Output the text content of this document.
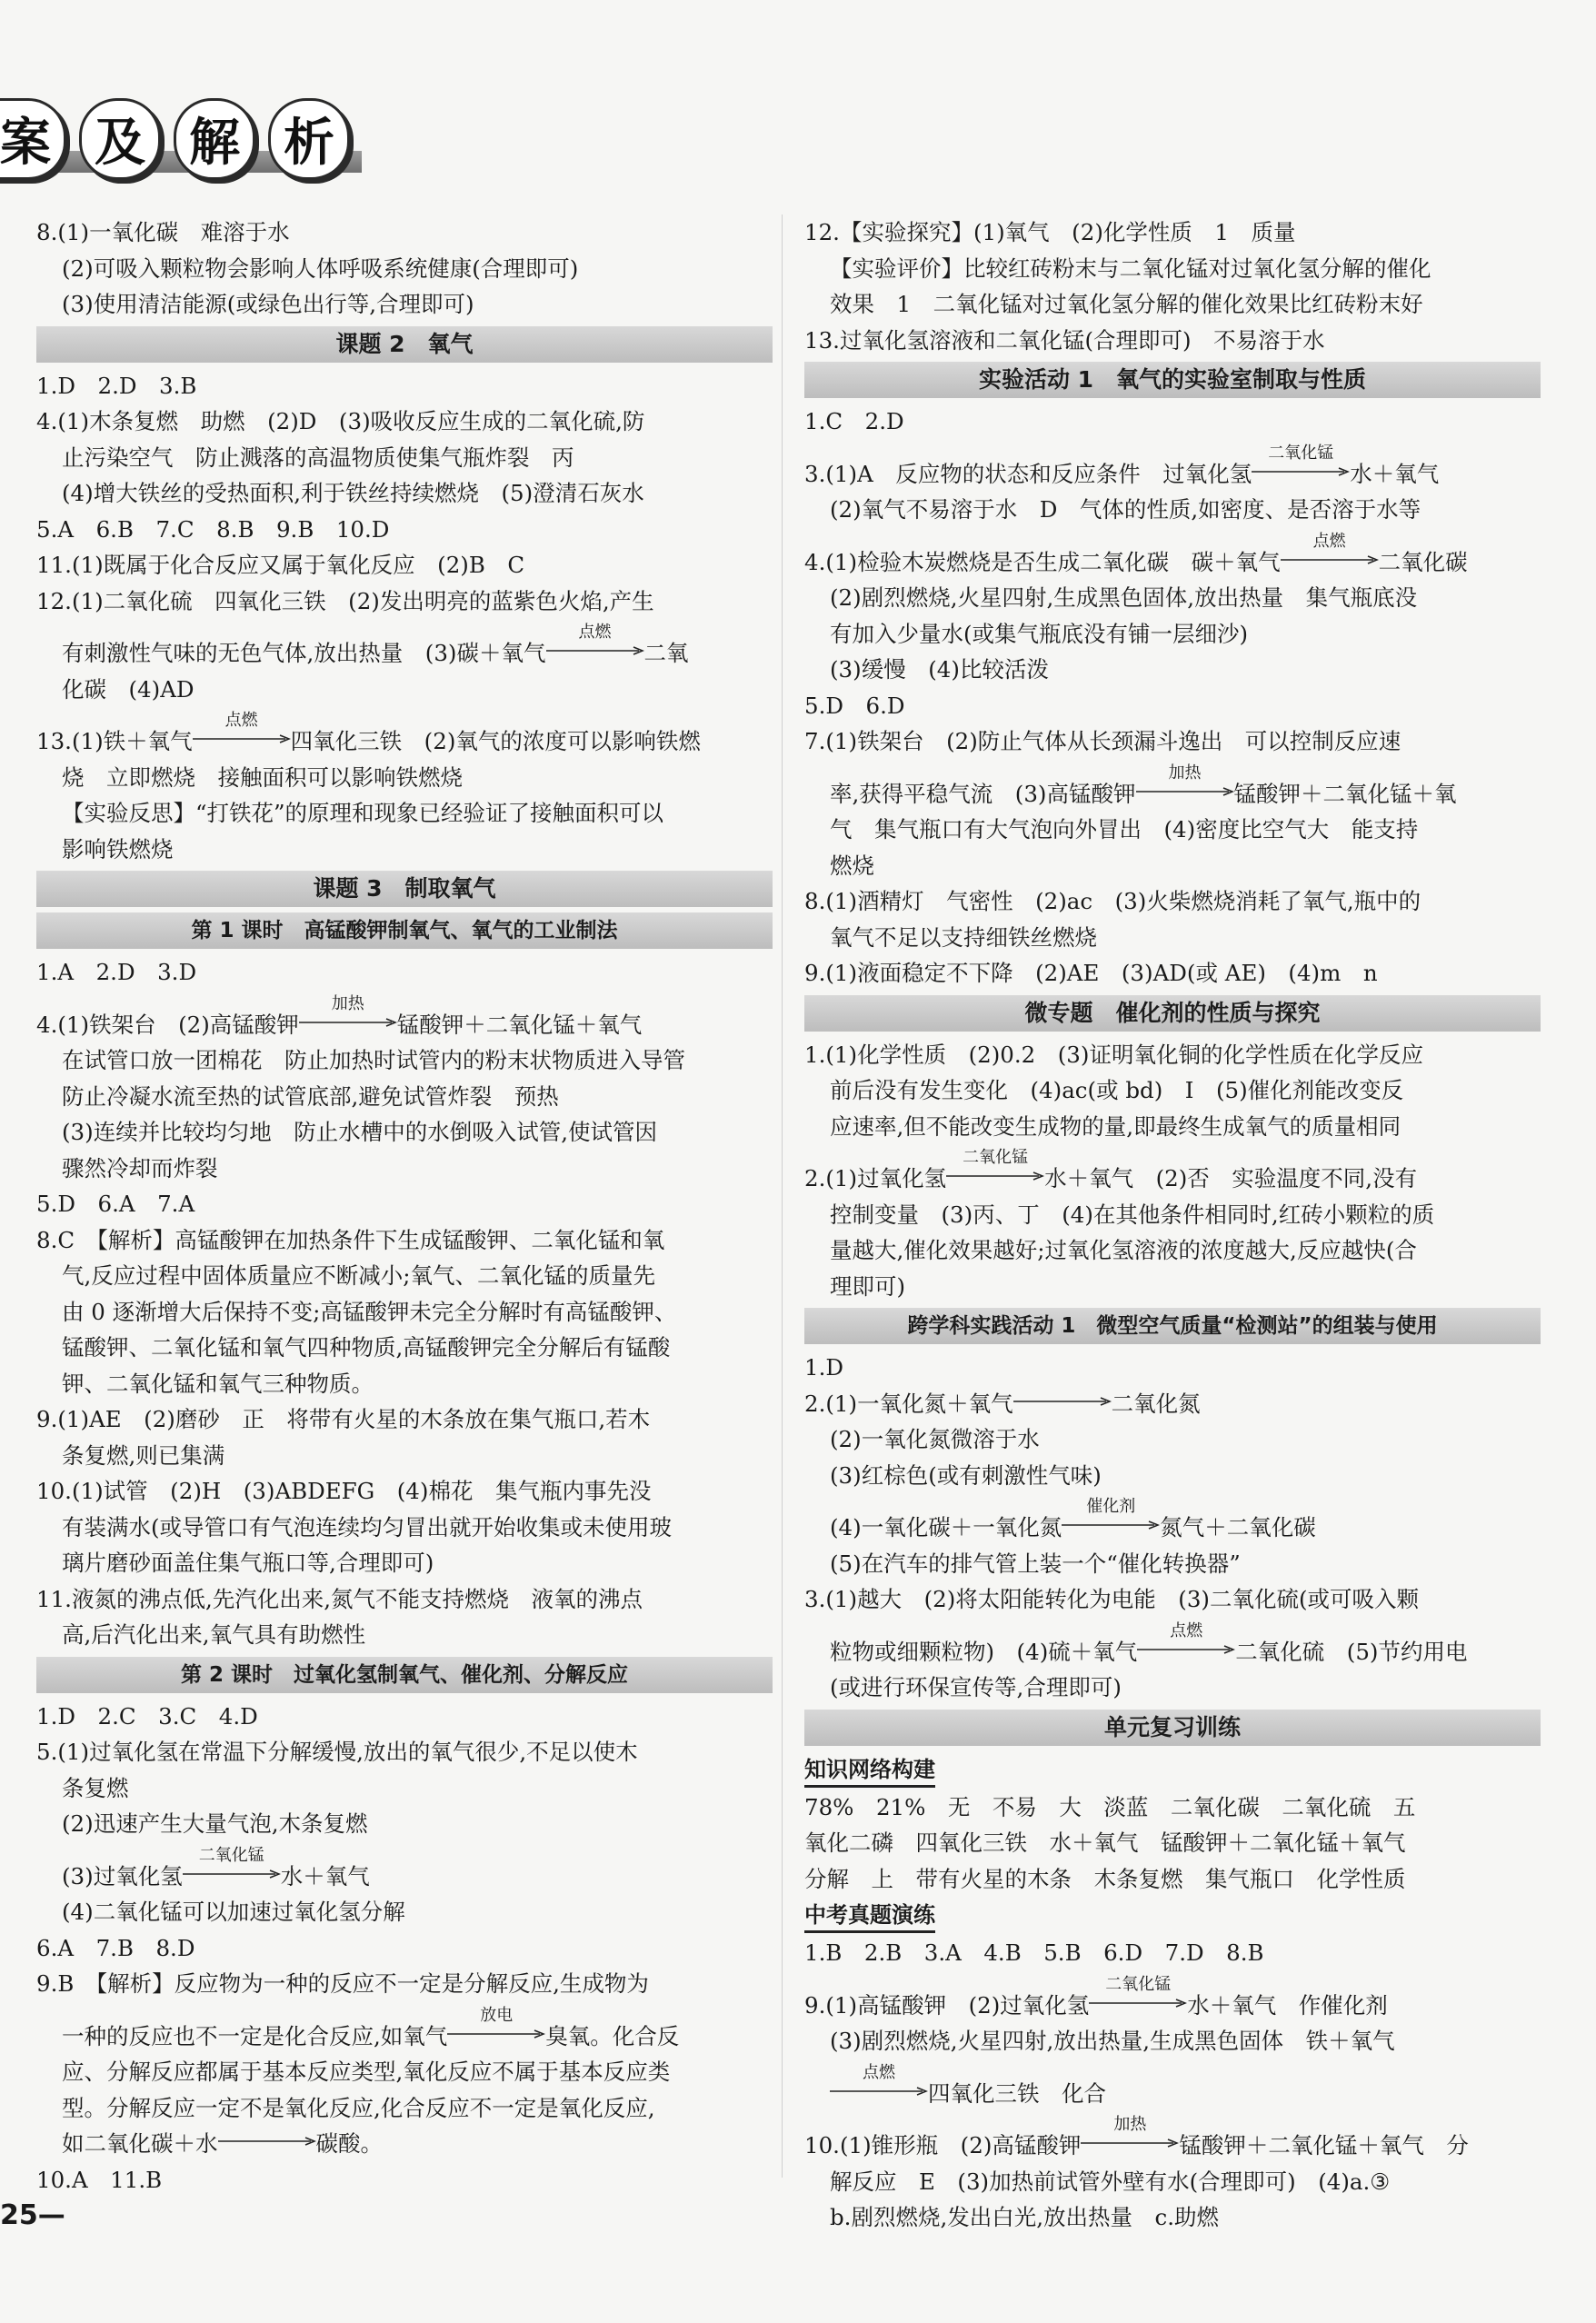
案 及 解 析

8.(1)一氧化碳　难溶于水

(2)可吸入颗粒物会影响人体呼吸系统健康(合理即可)

(3)使用清洁能源(或绿色出行等,合理即可)

课题 2　氧气

1.D　2.D　3.B

4.(1)木条复燃　助燃　(2)D　(3)吸收反应生成的二氧化硫,防

止污染空气　防止溅落的高温物质使集气瓶炸裂　丙

(4)增大铁丝的受热面积,利于铁丝持续燃烧　(5)澄清石灰水

5.A　6.B　7.C　8.B　9.B　10.D

11.(1)既属于化合反应又属于氧化反应　(2)B　C

12.(1)二氧化硫　四氧化三铁　(2)发出明亮的蓝紫色火焰,产生

有刺激性气味的无色气体,放出热量　(3)碳＋氧气
点燃
二氧

化碳　(4)AD

13.(1)铁＋氧气
点燃
四氧化三铁　(2)氧气的浓度可以影响铁燃

烧　立即燃烧　接触面积可以影响铁燃烧

【实验反思】“打铁花”的原理和现象已经验证了接触面积可以

影响铁燃烧

课题 3　制取氧气
第 1 课时　高锰酸钾制氧气、氧气的工业制法

1.A　2.D　3.D

4.(1)铁架台　(2)高锰酸钾
加热
锰酸钾＋二氧化锰＋氧气

在试管口放一团棉花　防止加热时试管内的粉末状物质进入导管

防止冷凝水流至热的试管底部,避免试管炸裂　预热

(3)连续并比较均匀地　防止水槽中的水倒吸入试管,使试管因

骤然冷却而炸裂

5.D　6.A　7.A

8.C　【解析】高锰酸钾在加热条件下生成锰酸钾、二氧化锰和氧

气,反应过程中固体质量应不断减小;氧气、二氧化锰的质量先

由 0 逐渐增大后保持不变;高锰酸钾未完全分解时有高锰酸钾、

锰酸钾、二氧化锰和氧气四种物质,高锰酸钾完全分解后有锰酸

钾、二氧化锰和氧气三种物质。

9.(1)AE　(2)磨砂　正　将带有火星的木条放在集气瓶口,若木

条复燃,则已集满

10.(1)试管　(2)H　(3)ABDEFG　(4)棉花　集气瓶内事先没

有装满水(或导管口有气泡连续均匀冒出就开始收集或未使用玻

璃片磨砂面盖住集气瓶口等,合理即可)

11.液氮的沸点低,先汽化出来,氮气不能支持燃烧　液氧的沸点

高,后汽化出来,氧气具有助燃性

第 2 课时　过氧化氢制氧气、催化剂、分解反应

1.D　2.C　3.C　4.D

5.(1)过氧化氢在常温下分解缓慢,放出的氧气很少,不足以使木

条复燃

(2)迅速产生大量气泡,木条复燃

(3)过氧化氢
二氧化锰
水＋氧气

(4)二氧化锰可以加速过氧化氢分解

6.A　7.B　8.D

9.B　【解析】反应物为一种的反应不一定是分解反应,生成物为

一种的反应也不一定是化合反应,如氧气
放电
臭氧。化合反

应、分解反应都属于基本反应类型,氧化反应不属于基本反应类

型。分解反应一定不是氧化反应,化合反应不一定是氧化反应,

如二氧化碳＋水	碳酸。

10.A　11.B

12.【实验探究】(1)氧气　(2)化学性质　1　质量

【实验评价】比较红砖粉末与二氧化锰对过氧化氢分解的催化

效果　1　二氧化锰对过氧化氢分解的催化效果比红砖粉末好

13.过氧化氢溶液和二氧化锰(合理即可)　不易溶于水

实验活动 1　氧气的实验室制取与性质

1.C　2.D

3.(1)A　反应物的状态和反应条件　过氧化氢
二氧化锰
水＋氧气

(2)氧气不易溶于水　D　气体的性质,如密度、是否溶于水等

4.(1)检验木炭燃烧是否生成二氧化碳　碳＋氧气
点燃
二氧化碳

(2)剧烈燃烧,火星四射,生成黑色固体,放出热量　集气瓶底没

有加入少量水(或集气瓶底没有铺一层细沙)

(3)缓慢　(4)比较活泼

5.D　6.D

7.(1)铁架台　(2)防止气体从长颈漏斗逸出　可以控制反应速

率,获得平稳气流　(3)高锰酸钾
加热
锰酸钾＋二氧化锰＋氧

气　集气瓶口有大气泡向外冒出　(4)密度比空气大　能支持

燃烧

8.(1)酒精灯　气密性　(2)ac　(3)火柴燃烧消耗了氧气,瓶中的

氧气不足以支持细铁丝燃烧

9.(1)液面稳定不下降　(2)AE　(3)AD(或 AE)　(4)m　n

微专题　催化剂的性质与探究

1.(1)化学性质　(2)0.2　(3)证明氧化铜的化学性质在化学反应

前后没有发生变化　(4)ac(或 bd)　Ⅰ　(5)催化剂能改变反

应速率,但不能改变生成物的量,即最终生成氧气的质量相同

2.(1)过氧化氢
二氧化锰
水＋氧气　(2)否　实验温度不同,没有

控制变量　(3)丙、丁　(4)在其他条件相同时,红砖小颗粒的质

量越大,催化效果越好;过氧化氢溶液的浓度越大,反应越快(合

理即可)

跨学科实践活动 1　微型空气质量“检测站”的组装与使用

1.D

2.(1)一氧化氮＋氧气	二氧化氮

(2)一氧化氮微溶于水

(3)红棕色(或有刺激性气味)

(4)一氧化碳＋一氧化氮
催化剂
氮气＋二氧化碳

(5)在汽车的排气管上装一个“催化转换器”

3.(1)越大　(2)将太阳能转化为电能　(3)二氧化硫(或可吸入颗

粒物或细颗粒物)　(4)硫＋氧气
点燃
二氧化硫　(5)节约用电

(或进行环保宣传等,合理即可)

单元复习训练
知识网络构建

78%　21%　无　不易　大　淡蓝　二氧化碳　二氧化硫　五

氧化二磷　四氧化三铁　水＋氧气　锰酸钾＋二氧化锰＋氧气

分解　上　带有火星的木条　木条复燃　集气瓶口　化学性质

中考真题演练

1.B　2.B　3.A　4.B　5.B　6.D　7.D　8.B

9.(1)高锰酸钾　(2)过氧化氢
二氧化锰
水＋氧气　作催化剂

(3)剧烈燃烧,火星四射,放出热量,生成黑色固体　铁＋氧气

点燃
四氧化三铁　化合

10.(1)锥形瓶　(2)高锰酸钾
加热
锰酸钾＋二氧化锰＋氧气　分

解反应　E　(3)加热前试管外壁有水(合理即可)　(4)a.③

b.剧烈燃烧,发出白光,放出热量　c.助燃

25—
